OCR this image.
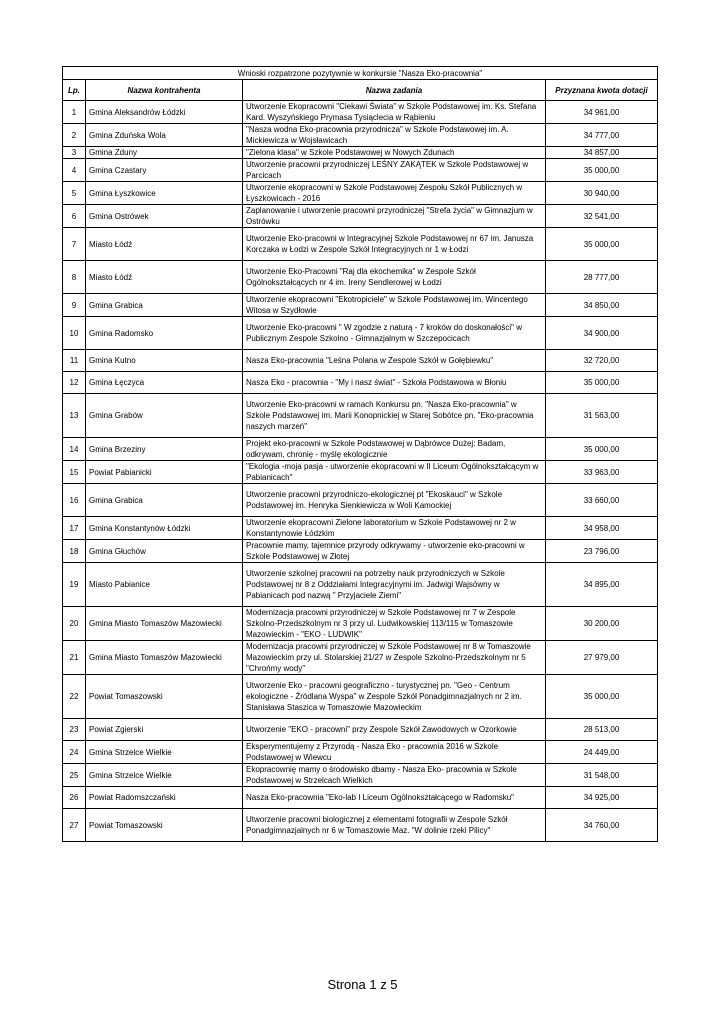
Wnioski rozpatrzone pozytywnie w konkursie "Nasza Eko-pracownia"			
Lp.	Nazwa kontrahenta	Nazwa zadania	Przyznana kwota dotacji
1	Gmina Aleksandrów Łódzki	Utworzenie Ekopracowni "Ciekawi Świata" w Szkole Podstawowej im. Ks. Stefana Kard. Wyszyńskiego Prymasa Tysiąclecia w Rąbieniu	34 961,00
2	Gmina Zduńska Wola	"Nasza wodna Eko-pracownia przyrodnicza" w Szkole Podstawowej im. A. Mickiewicza w Wojsławicach	34 777,00
3	Gmina Zduny	"Zielona klasa" w Szkole Podstawowej w Nowych Zdunach	34 857,00
4	Gmina Czastary	Utworzenie pracowni przyrodniczej LEŚNY ZAKĄTEK w Szkole Podstawowej w Parcicach	35 000,00
5	Gmina Łyszkowice	Utworzenie ekopracowni w Szkole Podstawowej Zespołu Szkół Publicznych w Łyszkowicach - 2016	30 940,00
6	Gmina Ostrówek	Zaplanowanie i utworzenie pracowni przyrodniczej "Strefa życia" w Gimnazjum w Ostrówku	32 541,00
7	Miasto Łódź	Utworzenie Eko-pracowni w Integracyjnej Szkole Podstawowej nr 67 im. Janusza Korczaka w Łodzi w Zespole Szkół Integracyjnych nr 1 w Łodzi	35 000,00
8	Miasto Łódź	Utworzenie Eko-Pracowni "Raj dla ekochemika" w Zespole Szkół Ogólnokształcących nr 4 im. Ireny Sendlerowej w Łodzi	28 777,00
9	Gmina Grabica	Utworzenie ekopracowni "Ekotropiciele" w Szkole Podstawowej im. Wincentego Witosa w Szydłowie	34 850,00
10	Gmina Radomsko	Utworzenie Eko-pracowni " W zgodzie z naturą - 7 kroków do doskonałości" w Publicznym Zespole Szkolno - Gimnazjalnym w Szczepocicach	34 900,00
11	Gmina Kutno	Nasza Eko-pracownia "Leśna Polana w Zespole Szkół w Gołębiewku"	32 720,00
12	Gmina Łęczyca	Nasza Eko - pracownia - "My i nasz świat" - Szkoła Podstawowa w Błoniu	35 000,00
13	Gmina Grabów	Utworzenie Eko-pracowni w ramach Konkursu pn. "Nasza Eko-pracownia" w Szkole Podstawowej im. Marii Konopnickiej w Starej Sobótce pn. "Eko-pracownia naszych marzeń"	31 563,00
14	Gmina Brzeziny	Projekt eko-pracowni w Szkole Podstawowej w Dąbrówce Dużej: Badam, odkrywam, chronię - myślę ekologicznie	35 000,00
15	Powiat Pabianicki	"Ekologia -moja pasja - utworzenie ekopracowni w II Liceum Ogólnokształcącym w Pabianicach"	33 963,00
16	Gmina Grabica	Utworzenie pracowni przyrodniczo-ekologicznej pt "Ekoskauci" w Szkole Podstawowej im. Henryka Sienkiewicza w Woli Kamockiej	33 660,00
17	Gmina Konstantynów Łódzki	Utworzenie ekopracowni Zielone laboratorium w Szkole Podstawowej nr 2 w Konstantynowie Łódzkim	34 958,00
18	Gmina Głuchów	Pracownie mamy, tajemnice przyrody odkrywamy - utworzenie eko-pracowni w Szkole Podstawowej w Złotej	23 796,00
19	Miasto Pabianice	Utworzenie szkolnej pracowni na potrzeby nauk przyrodniczych w Szkole Podstawowej nr 8 z Oddziałami Integracyjnymi im. Jadwigi Wajsówny w Pabianicach pod nazwą " Przyjaciele Ziemi"	34 895,00
20	Gmina Miasto Tomaszów Mazowiecki	Modernizacja pracowni przyrodniczej w Szkole Podstawowej nr 7 w Zespole Szkolno-Przedszkolnym nr 3 przy ul. Ludwikowskiej 113/115 w Tomaszowie Mazowieckim - "EKO - LUDWIK"	30 200,00
21	Gmina Miasto Tomaszów Mazowiecki	Modernizacja pracowni przyrodniczej w Szkole Podstawowej nr 8 w Tomaszowie Mazowieckim przy ul. Stolarskiej 21/27 w Zespole Szkolno-Przedszkolnym nr 5 "Chrońmy wody"	27 979,00
22	Powiat Tomaszowski	Utworzenie Eko - pracowni geograficzno - turystycznej pn. "Geo - Centrum ekologiczne - Źródlana Wyspa" w Zespole Szkół Ponadgimnazjalnych nr 2 im. Stanisława Staszica w Tomaszowie Mazowieckim	35 000,00
23	Powiat Zgierski	Utworzenie "EKO - pracowni" przy Zespole Szkół Zawodowych w Ozorkowie	28 513,00
24	Gmina Strzelce Wielkie	Eksperymentujemy z Przyrodą - Nasza Eko - pracownia 2016 w Szkole Podstawowej w Wiewcu	24 449,00
25	Gmina Strzelce Wielkie	Ekopracownię mamy o środowisko dbamy - Nasza Eko- pracownia w Szkole Podstawowej w Strzelcach Wielkich	31 548,00
26	Powiat Radomszczański	Nasza Eko-pracownia "Eko-lab I Liceum Ogólnokształcącego w Radomsku"	34 925,00
27	Powiat Tomaszowski	Utworzenie pracowni biologicznej z elementami fotografii w Zespole Szkół Ponadgimnazjalnych nr 6 w Tomaszowie Maz. "W dolinie rzeki Pilicy"	34 760,00
Strona 1 z 5
